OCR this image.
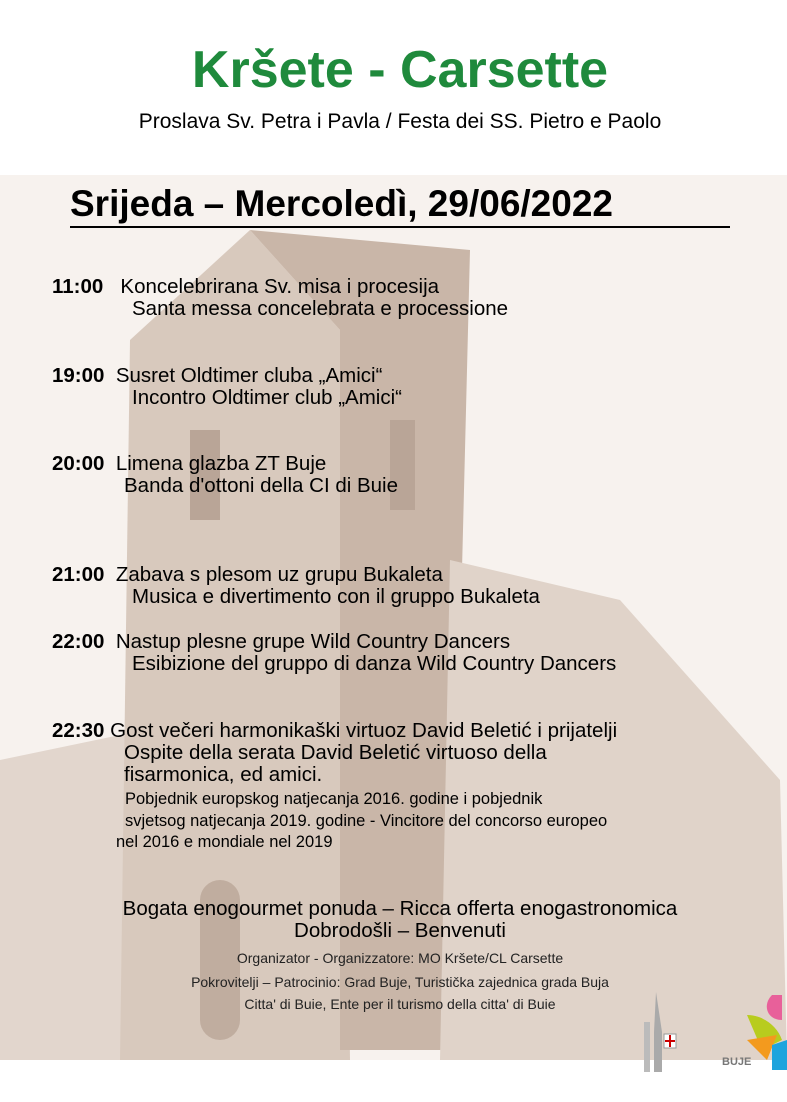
Kršete - Carsette
Proslava Sv. Petra i Pavla / Festa dei SS. Pietro e Paolo
Srijeda – Mercoledì, 29/06/2022
11:00 Koncelebrirana Sv. misa i procesija
Santa messa concelebrata e processione
19:00 Susret Oldtimer cluba „Amici“
Incontro Oldtimer club „Amici“
20:00 Limena glazba ZT Buje
Banda d'ottoni della CI di Buie
21:00 Zabava s plesom uz grupu Bukaleta
Musica e divertimento con il gruppo Bukaleta
22:00 Nastup plesne grupe Wild Country Dancers
Esibizione del gruppo di danza Wild Country Dancers
22:30 Gost večeri harmonikaški virtuoz David Beletić i prijatelji
Ospite della serata David Beletić virtuoso della
fisarmonica, ed amici.
Pobjednik europskog natjecanja 2016. godine i pobjednik
svjetsog natjecanja 2019. godine - Vincitore del concorso europeo
nel 2016 e mondiale nel 2019
Bogata enogourmet ponuda – Ricca offerta enogastronomica
Dobrodošli – Benvenuti
Organizator - Organizzatore: MO Kršete/CL Carsette
Pokrovitelji – Patrocinio: Grad Buje, Turistička zajednica grada Buja
Citta' di Buie, Ente per il turismo della citta' di Buie
BUJE
